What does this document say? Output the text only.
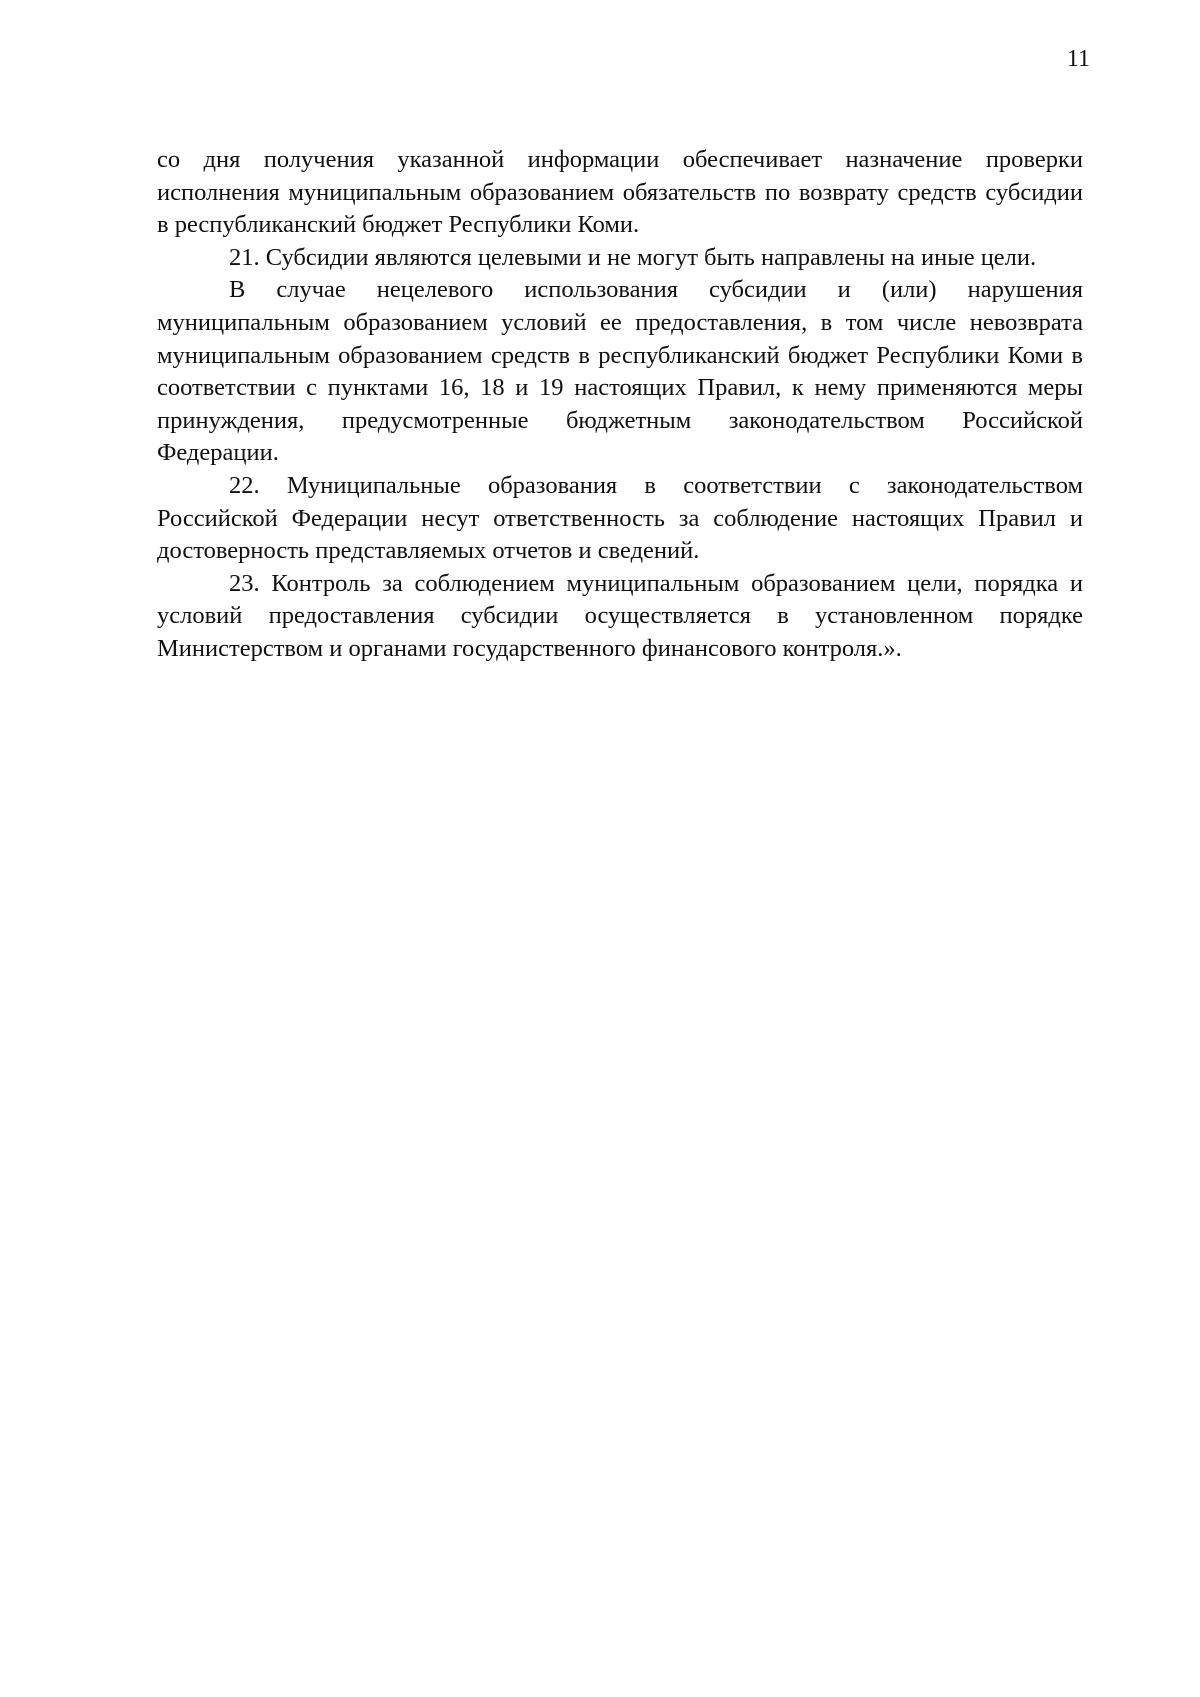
11

со дня получения указанной информации обеспечивает назначение проверки исполнения муниципальным образованием обязательств по возврату средств субсидии в республиканский бюджет Республики Коми.

21. Субсидии являются целевыми и не могут быть направлены на иные цели.

В случае нецелевого использования субсидии и (или) нарушения муниципальным образованием условий ее предоставления, в том числе невозврата муниципальным образованием средств в республиканский бюджет Республики Коми в соответствии с пунктами 16, 18 и 19 настоящих Правил, к нему применяются меры принуждения, предусмотренные бюджетным законодательством Российской Федерации.

22. Муниципальные образования в соответствии с законодательством Российской Федерации несут ответственность за соблюдение настоящих Правил и достоверность представляемых отчетов и сведений.

23. Контроль за соблюдением муниципальным образованием цели, порядка и условий предоставления субсидии осуществляется в установленном порядке Министерством и органами государственного финансового контроля.».
